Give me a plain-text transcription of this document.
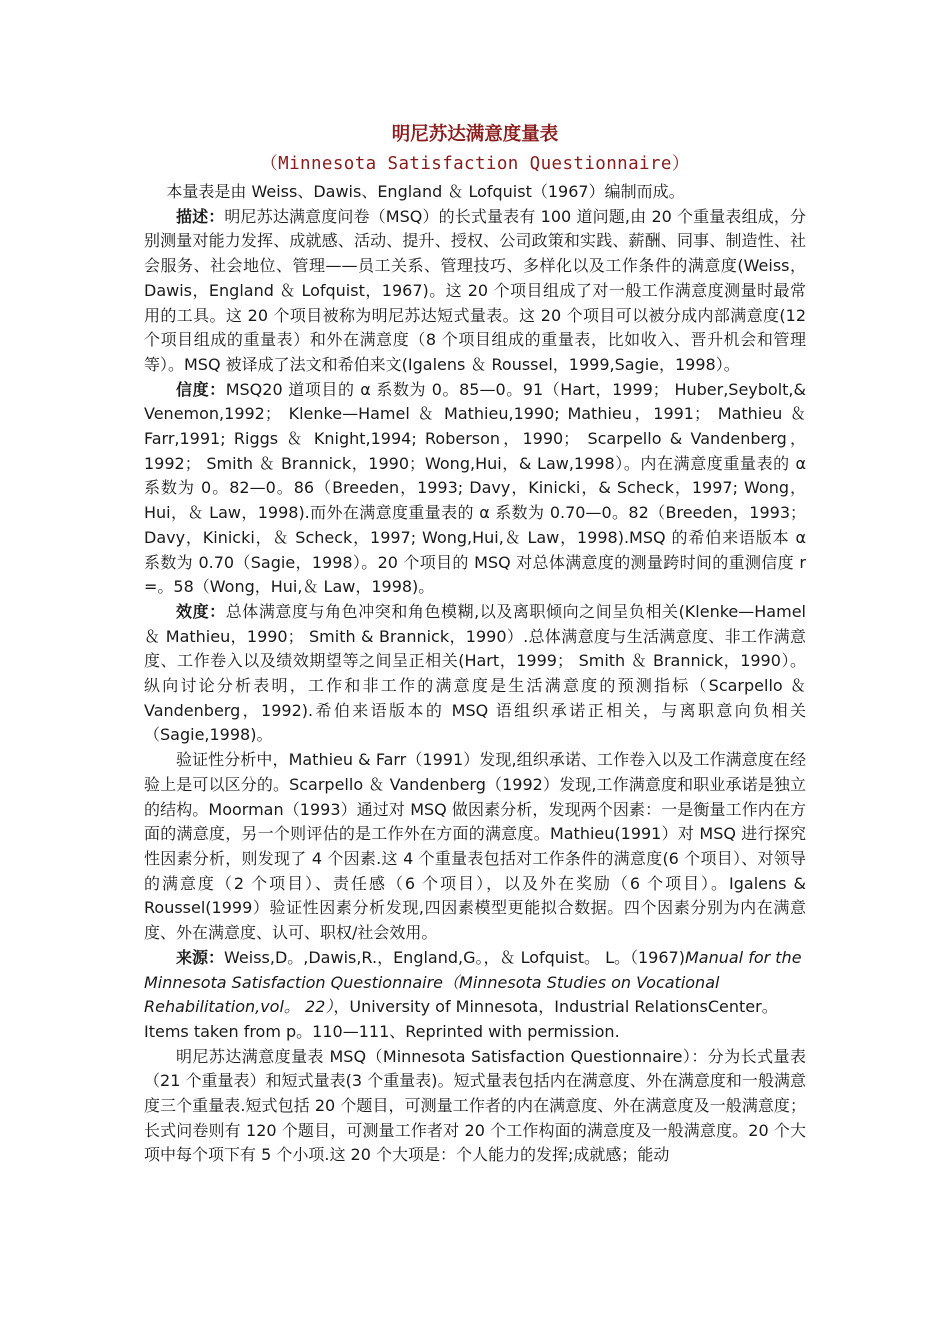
明尼苏达满意度量表
（Minnesota Satisfaction Questionnaire）

本量表是由 Weiss、Dawis、England ＆ Lofquist（1967）编制而成。

描述：明尼苏达满意度问卷（MSQ）的长式量表有 100 道问题,由 20 个重量表组成，分别测量对能力发挥、成就感、活动、提升、授权、公司政策和实践、薪酬、同事、制造性、社会服务、社会地位、管理——员工关系、管理技巧、多样化以及工作条件的满意度(Weiss，Dawis，England ＆ Lofquist，1967)。这 20 个项目组成了对一般工作满意度测量时最常用的工具。这 20 个项目被称为明尼苏达短式量表。这 20 个项目可以被分成内部满意度(12 个项目组成的重量表）和外在满意度（8 个项目组成的重量表，比如收入、晋升机会和管理等）。MSQ 被译成了法文和希伯来文(Igalens ＆ Roussel，1999,Sagie，1998）。

信度：MSQ20 道项目的 α 系数为 0。85—0。91（Hart，1999； Huber,Seybolt,& Venemon,1992； Klenke—Hamel ＆ Mathieu,1990; Mathieu，1991； Mathieu ＆ Farr,1991; Riggs ＆ Knight,1994; Roberson，1990； Scarpello & Vandenberg，1992； Smith ＆ Brannick，1990；Wong,Hui，& Law,1998）。内在满意度重量表的 α 系数为 0。82—0。86（Breeden，1993; Davy，Kinicki，& Scheck，1997; Wong，Hui，＆ Law，1998).而外在满意度重量表的 α 系数为 0.70—0。82（Breeden，1993； Davy，Kinicki，＆ Scheck，1997; Wong,Hui,＆ Law，1998).MSQ 的希伯来语版本 α 系数为 0.70（Sagie，1998）。20 个项目的 MSQ 对总体满意度的测量跨时间的重测信度 r =。58（Wong，Hui,＆ Law，1998)。

效度：总体满意度与角色冲突和角色模糊,以及离职倾向之间呈负相关(Klenke—Hamel ＆ Mathieu，1990； Smith & Brannick，1990）.总体满意度与生活满意度、非工作满意度、工作卷入以及绩效期望等之间呈正相关(Hart，1999； Smith ＆ Brannick，1990）。纵向讨论分析表明，工作和非工作的满意度是生活满意度的预测指标（Scarpello ＆ Vandenberg，1992).希伯来语版本的 MSQ 语组织承诺正相关，与离职意向负相关（Sagie,1998)。

验证性分析中，Mathieu & Farr（1991）发现,组织承诺、工作卷入以及工作满意度在经验上是可以区分的。Scarpello ＆ Vandenberg（1992）发现,工作满意度和职业承诺是独立的结构。Moorman（1993）通过对 MSQ 做因素分析，发现两个因素：一是衡量工作内在方面的满意度，另一个则评估的是工作外在方面的满意度。Mathieu(1991）对 MSQ 进行探究性因素分析，则发现了 4 个因素.这 4 个重量表包括对工作条件的满意度(6 个项目）、对领导的满意度（2 个项目）、责任感（6 个项目），以及外在奖励（6 个项目）。Igalens & Roussel(1999）验证性因素分析发现,四因素模型更能拟合数据。四个因素分别为内在满意度、外在满意度、认可、职权/社会效用。

来源：Weiss,D。,Dawis,R.，England,G。，＆ Lofquist。 L。（1967)Manual for the Minnesota Satisfaction Questionnaire（Minnesota Studies on Vocational Rehabilitation,vol。 22），University of Minnesota，Industrial RelationsCenter。

Items taken from p。110—111、Reprinted with permission.

明尼苏达满意度量表 MSQ（Minnesota Satisfaction Questionnaire）：分为长式量表（21 个重量表）和短式量表(3 个重量表)。短式量表包括内在满意度、外在满意度和一般满意度三个重量表.短式包括 20 个题目，可测量工作者的内在满意度、外在满意度及一般满意度；长式问卷则有 120 个题目，可测量工作者对 20 个工作构面的满意度及一般满意度。20 个大项中每个项下有 5 个小项.这 20 个大项是：个人能力的发挥;成就感；能动
